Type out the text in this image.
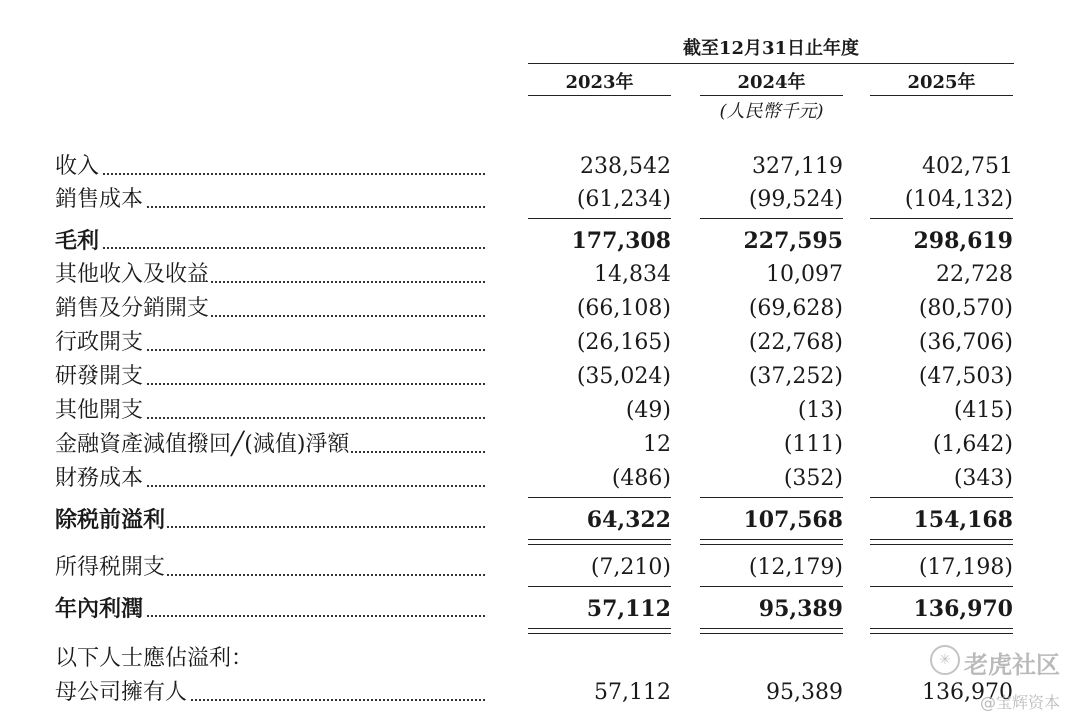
截至12月31日止年度
2023年	2024年	2025年
(人民幣千元)
收入	238,542	327,119	402,751
銷售成本	(61,234)	(99,524)	(104,132)
毛利	177,308	227,595	298,619
其他收入及收益	14,834	10,097	22,728
銷售及分銷開支	(66,108)	(69,628)	(80,570)
行政開支	(26,165)	(22,768)	(36,706)
研發開支	(35,024)	(37,252)	(47,503)
其他開支	(49)	(13)	(415)
金融資產減值撥回╱(減值)淨額	12	(111)	(1,642)
財務成本	(486)	(352)	(343)
除税前溢利	64,322	107,568	154,168
所得税開支	(7,210)	(12,179)	(17,198)
年內利潤	57,112	95,389	136,970
以下人士應佔溢利：
母公司擁有人	57,112	95,389	136,970
✳ 老虎社区
@宝辉资本
